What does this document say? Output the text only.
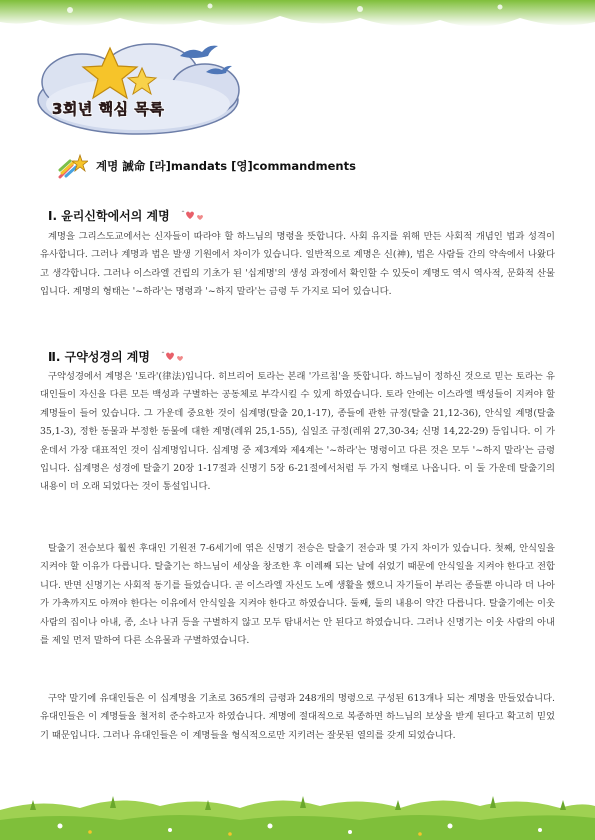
3회년 핵심 목록
계명 誡命 [라]mandats [영]commandments
Ⅰ. 윤리신학에서의 계명

계명을 그리스도교에서는 신자들이 따라야 할 하느님의 명령을 뜻합니다. 사회 유지를 위해 만든 사회적 개념인 법과 성격이 유사합니다. 그러나 계명과 법은 발생 기원에서 차이가 있습니다. 일반적으로 계명은 신(神), 법은 사람들 간의 약속에서 나왔다고 생각합니다. 그러나 이스라엘 건립의 기초가 된 '십계명'의 생성 과정에서 확인할 수 있듯이 계명도 역시 역사적, 문화적 산물입니다. 계명의 형태는 '~하라'는 명령과 '~하지 말라'는 금령 두 가지로 되어 있습니다.

Ⅱ. 구약성경의 계명

구약성경에서 계명은 '토라'(律法)입니다. 히브리어 토라는 본래 '가르침'을 뜻합니다. 하느님이 정하신 것으로 믿는 토라는 유대인들이 자신을 다른 모든 백성과 구별하는 공동체로 부각시킬 수 있게 하였습니다. 토라 안에는 이스라엘 백성들이 지켜야 할 계명들이 들어 있습니다. 그 가운데 중요한 것이 십계명(탈출 20,1-17), 종들에 관한 규정(탈출 21,12-36), 안식일 계명(탈출 35,1-3), 정한 동물과 부정한 동물에 대한 계명(레위 25,1-55), 십일조 규정(레위 27,30-34; 신명 14,22-29) 등입니다. 이 가운데서 가장 대표적인 것이 십계명입니다. 십계명 중 제3계와 제4계는 '~하라'는 명령이고 다른 것은 모두 '~하지 말라'는 금령입니다. 십계명은 성경에 탈출기 20장 1-17절과 신명기 5장 6-21절에서처럼 두 가지 형태로 나옵니다. 이 둘 가운데 탈출기의 내용이 더 오래 되었다는 것이 통설입니다.

탈출기 전승보다 훨씬 후대인 기원전 7-6세기에 엮은 신명기 전승은 탈출기 전승과 몇 가지 차이가 있습니다. 첫째, 안식일을 지켜야 할 이유가 다릅니다. 탈출기는 하느님이 세상을 창조한 후 이레째 되는 날에 쉬었기 때문에 안식일을 지켜야 한다고 전합니다. 반면 신명기는 사회적 동기를 들었습니다. 곧 이스라엘 자신도 노예 생활을 했으니 자기들이 부리는 종들뿐 아니라 더 나아가 가축까지도 아껴야 한다는 이유에서 안식일을 지켜야 한다고 하였습니다. 둘째, 둘의 내용이 약간 다릅니다. 탈출기에는 이웃 사람의 집이나 아내, 종, 소나 나귀 등을 구별하지 않고 모두 탐내서는 안 된다고 하였습니다. 그러나 신명기는 이웃 사람의 아내를 제일 먼저 말하여 다른 소유물과 구별하였습니다.

구약 말기에 유대인들은 이 십계명을 기초로 365개의 금령과 248개의 명령으로 구성된 613개나 되는 계명을 만들었습니다. 유대인들은 이 계명들을 철저히 준수하고자 하였습니다. 계명에 절대적으로 복종하면 하느님의 보상을 받게 된다고 확고히 믿었기 때문입니다. 그러나 유대인들은 이 계명들을 형식적으로만 지키려는 잘못된 열의를 갖게 되었습니다.
